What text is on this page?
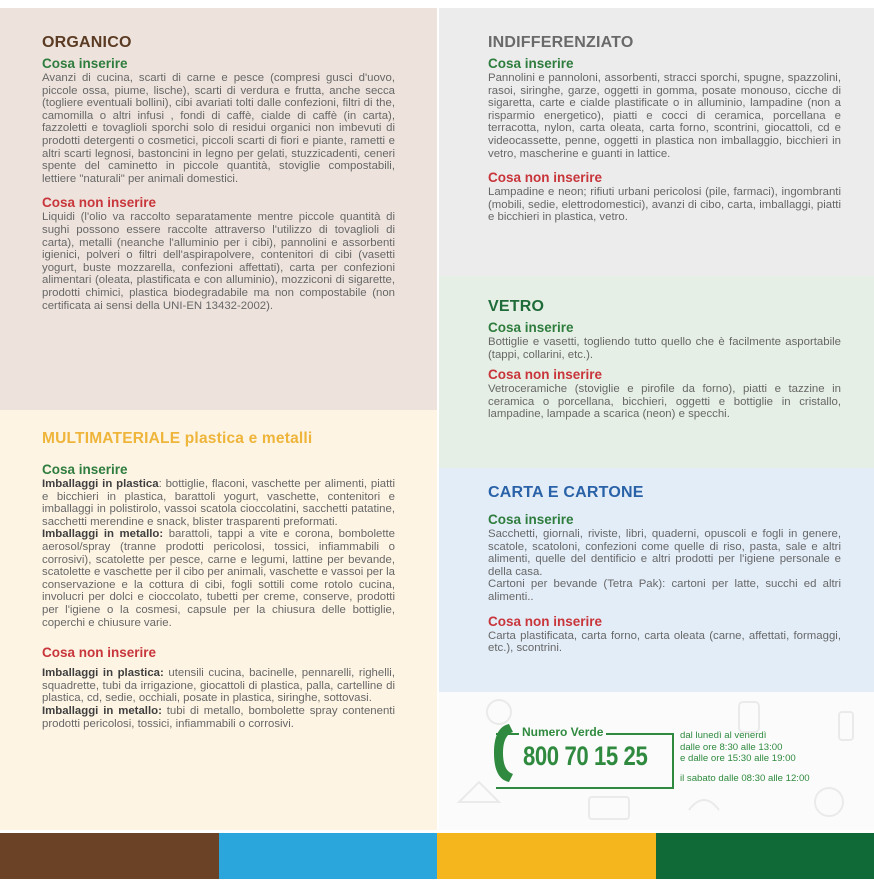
ORGANICO
Cosa inserire

Avanzi di cucina, scarti di carne e pesce (compresi gusci d'uovo, piccole ossa, piume, lische), scarti di verdura e frutta, anche secca (togliere eventuali bollini), cibi avariati tolti dalle confezioni, filtri di the, camomilla o altri infusi , fondi di caffè, cialde di caffè (in carta), fazzoletti e tovaglioli sporchi solo di residui organici non imbevuti di prodotti detergenti o cosmetici, piccoli scarti di fiori e piante, rametti e altri scarti legnosi, bastoncini in legno per gelati, stuzzicadenti, ceneri spente del caminetto in piccole quantità, stoviglie compostabili, lettiere "naturali" per animali domestici.

Cosa non inserire

Liquidi (l'olio va raccolto separatamente mentre piccole quantità di sughi possono essere raccolte attraverso l'utilizzo di tovaglioli di carta), metalli (neanche l'alluminio per i cibi), pannolini e assorbenti igienici, polveri o filtri dell'aspirapolvere, contenitori di cibi (vasetti yogurt, buste mozzarella, confezioni affettati), carta per confezioni alimentari (oleata, plastificata e con alluminio), mozziconi di sigarette, prodotti chimici, plastica biodegradabile ma non compostabile (non certificata ai sensi della UNI-EN 13432-2002).

MULTIMATERIALE plastica e metalli
Cosa inserire

Imballaggi in plastica: bottiglie, flaconi, vaschette per alimenti, piatti e bicchieri in plastica, barattoli yogurt, vaschette, contenitori e imballaggi in polistirolo, vassoi scatola cioccolatini, sacchetti patatine, sacchetti merendine e snack, blister trasparenti preformati.

Imballaggi in metallo: barattoli, tappi a vite e corona, bombolette aerosol/spray (tranne prodotti pericolosi, tossici, infiammabili o corrosivi), scatolette per pesce, carne e legumi, lattine per bevande, scatolette e vaschette per il cibo per animali, vaschette e vassoi per la conservazione e la cottura di cibi, fogli sottili come rotolo cucina, involucri per dolci e cioccolato, tubetti per creme, conserve, prodotti per l'igiene o la cosmesi, capsule per la chiusura delle bottiglie, coperchi e chiusure varie.

Cosa non inserire

Imballaggi in plastica: utensili cucina, bacinelle, pennarelli, righelli, squadrette, tubi da irrigazione, giocattoli di plastica, palla, cartelline di plastica, cd, sedie, occhiali, posate in plastica, siringhe, sottovasi.

Imballaggi in metallo: tubi di metallo, bombolette spray contenenti prodotti pericolosi, tossici, infiammabili o corrosivi.

INDIFFERENZIATO
Cosa inserire

Pannolini e pannoloni, assorbenti, stracci sporchi, spugne, spazzolini, rasoi, siringhe, garze, oggetti in gomma, posate monouso, cicche di sigaretta, carte e cialde plastificate o in alluminio, lampadine (non a risparmio energetico), piatti e cocci di ceramica, porcellana e terracotta, nylon, carta oleata, carta forno, scontrini, giocattoli, cd e videocassette, penne, oggetti in plastica non imballaggio, bicchieri in vetro, mascherine e guanti in lattice.

Cosa non inserire

Lampadine e neon; rifiuti urbani pericolosi (pile, farmaci), ingombranti (mobili, sedie, elettrodomestici), avanzi di cibo, carta, imballaggi, piatti e bicchieri in plastica, vetro.

VETRO
Cosa inserire

Bottiglie e vasetti, togliendo tutto quello che è facilmente asportabile (tappi, collarini, etc.).

Cosa non inserire

Vetroceramiche (stoviglie e pirofile da forno), piatti e tazzine in ceramica o porcellana, bicchieri, oggetti e bottiglie in cristallo, lampadine, lampade a scarica (neon) e specchi.

CARTA E CARTONE
Cosa inserire

Sacchetti, giornali, riviste, libri, quaderni, opuscoli e fogli in genere, scatole, scatoloni, confezioni come quelle di riso, pasta, sale e altri alimenti, quelle del dentificio e altri prodotti per l'igiene personale e della casa.

Cartoni per bevande (Tetra Pak): cartoni per latte, succhi ed altri alimenti..

Cosa non inserire

Carta plastificata, carta forno, carta oleata (carne, affettati, formaggi, etc.), scontrini.

Numero Verde
800 70 15 25
dal lunedì al venerdì
dalle ore 8:30 alle 13:00
e dalle ore 15:30 alle 19:00
il sabato dalle 08:30 alle 12:00
